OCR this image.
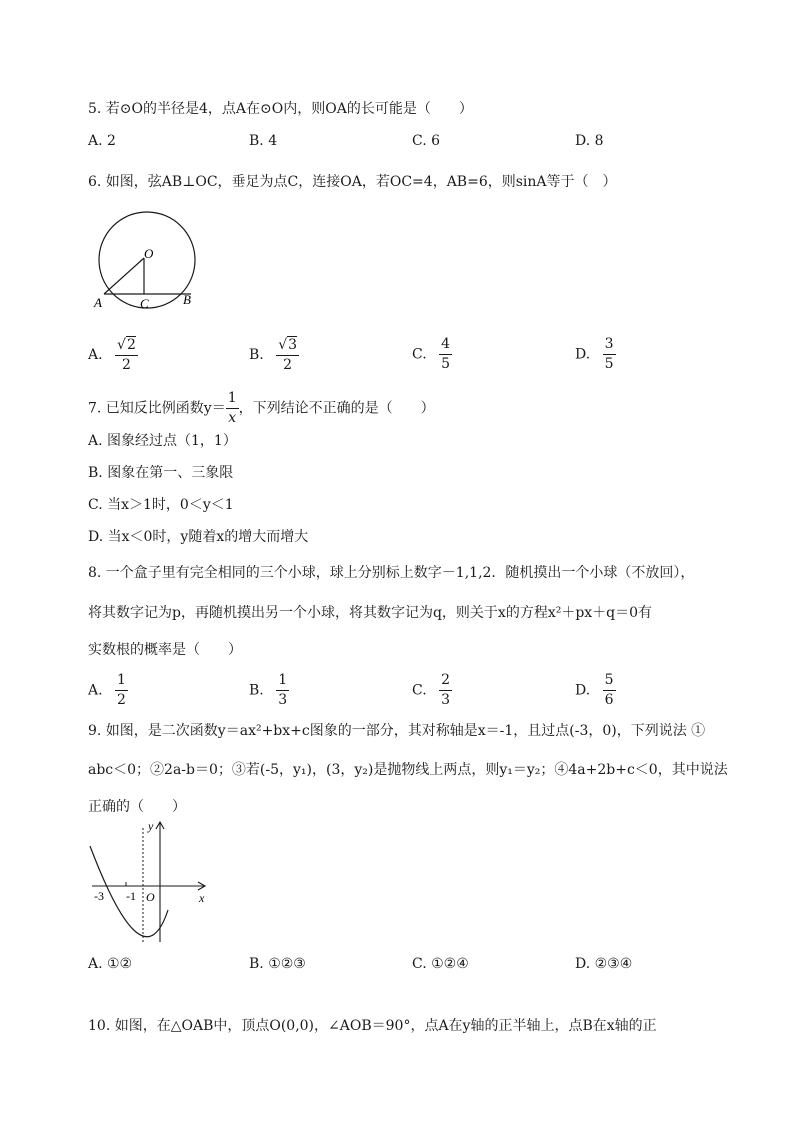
5. 若⊙O的半径是4，点A在⊙O内，则OA的长可能是（　　）
A. 2	B. 4	C. 6	D. 8
6. 如图，弦AB⊥OC，垂足为点C，连接OA，若OC=4，AB=6，则sinA等于（　）
O
A	C	B
A. $\frac{√2}{2}$	B. $\frac{√3}{2}$	C. $\frac{4}{5}$	D. $\frac{3}{5}$
7. 已知反比例函数$y= \frac{1}{x}$ ，下列结论不正确的是（　　）
A. 图象经过点（1，1）
B. 图象在第一、三象限
C. 当x＞1时，0＜y＜1
D. 当x＜0时，y随着x的增大而增大
8. 一个盒子里有完全相同的三个小球，球上分别标上数字－1,1,2．随机摸出一个小球（不放回），
将其数字记为p，再随机摸出另一个小球，将其数字记为q，则关于x的方程x²＋px＋q＝0有
实数根的概率是（　　）
A. $\frac{1}{2}$	B. $\frac{1}{3}$	C. $\frac{2}{3}$	D. $\frac{5}{6}$
9. 如图，是二次函数y＝ax²+bx+c图象的一部分，其对称轴是x＝-1，且过点(-3，0)，下列说法 ①
abc＜0；②2a-b＝0；③若(-5，y₁)，(3，y₂)是抛物线上两点，则y₁＝y₂；④4a+2b+c＜0，其中说法
正确的（　　）
y
x
-3 -1 O
A. ①②	B. ①②③	C. ①②④	D. ②③④
10. 如图，在△OAB中，顶点O(0,0)，∠AOB＝90°，点A在y轴的正半轴上，点B在x轴的正
